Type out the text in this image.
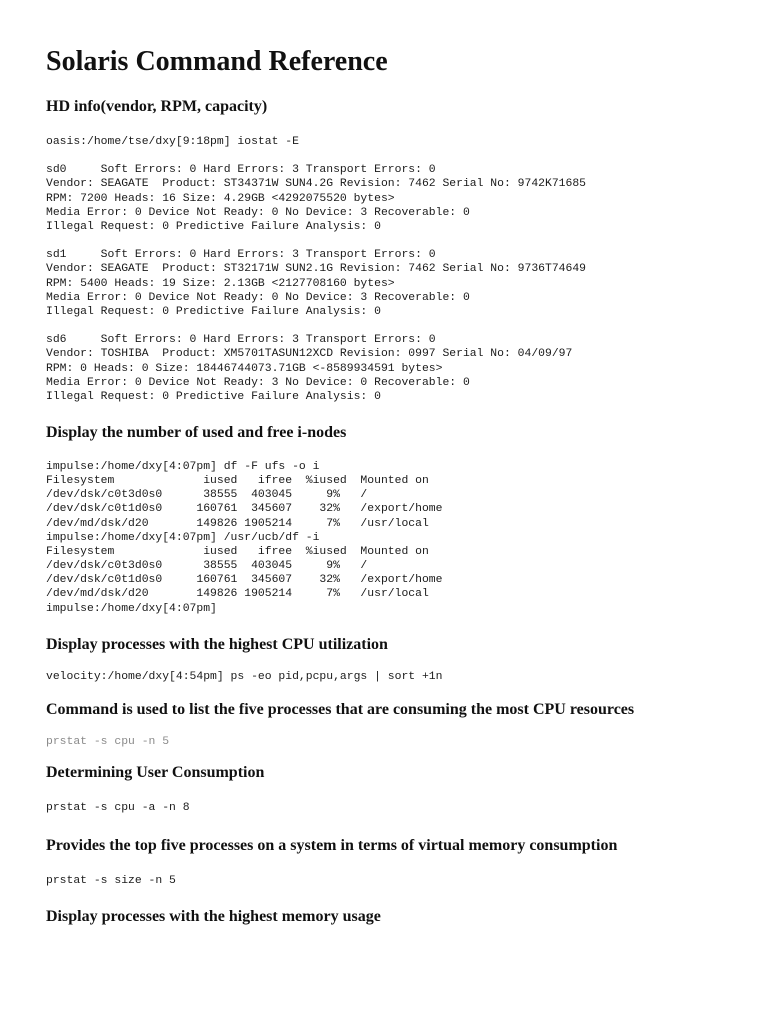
Solaris Command Reference
HD info(vendor, RPM, capacity)
oasis:/home/tse/dxy[9:18pm] iostat -E

sd0     Soft Errors: 0 Hard Errors: 3 Transport Errors: 0
Vendor: SEAGATE  Product: ST34371W SUN4.2G Revision: 7462 Serial No: 9742K71685
RPM: 7200 Heads: 16 Size: 4.29GB <4292075520 bytes>
Media Error: 0 Device Not Ready: 0 No Device: 3 Recoverable: 0
Illegal Request: 0 Predictive Failure Analysis: 0

sd1     Soft Errors: 0 Hard Errors: 3 Transport Errors: 0
Vendor: SEAGATE  Product: ST32171W SUN2.1G Revision: 7462 Serial No: 9736T74649
RPM: 5400 Heads: 19 Size: 2.13GB <2127708160 bytes>
Media Error: 0 Device Not Ready: 0 No Device: 3 Recoverable: 0
Illegal Request: 0 Predictive Failure Analysis: 0

sd6     Soft Errors: 0 Hard Errors: 3 Transport Errors: 0
Vendor: TOSHIBA  Product: XM5701TASUN12XCD Revision: 0997 Serial No: 04/09/97
RPM: 0 Heads: 0 Size: 18446744073.71GB <-8589934591 bytes>
Media Error: 0 Device Not Ready: 3 No Device: 0 Recoverable: 0
Illegal Request: 0 Predictive Failure Analysis: 0
Display the number of used and free i-nodes
impulse:/home/dxy[4:07pm] df -F ufs -o i
Filesystem             iused   ifree  %iused  Mounted on
/dev/dsk/c0t3d0s0      38555  403045     9%   /
/dev/dsk/c0t1d0s0     160761  345607    32%   /export/home
/dev/md/dsk/d20       149826 1905214     7%   /usr/local
impulse:/home/dxy[4:07pm] /usr/ucb/df -i
Filesystem             iused   ifree  %iused  Mounted on
/dev/dsk/c0t3d0s0      38555  403045     9%   /
/dev/dsk/c0t1d0s0     160761  345607    32%   /export/home
/dev/md/dsk/d20       149826 1905214     7%   /usr/local
impulse:/home/dxy[4:07pm]
Display processes with the highest CPU utilization
velocity:/home/dxy[4:54pm] ps -eo pid,pcpu,args | sort +1n
Command is used to list the five processes that are consuming the most CPU resources
prstat -s cpu -n 5
Determining User Consumption
prstat -s cpu -a -n 8
Provides the top five processes on a system in terms of virtual memory consumption
prstat -s size -n 5
Display processes with the highest memory usage
